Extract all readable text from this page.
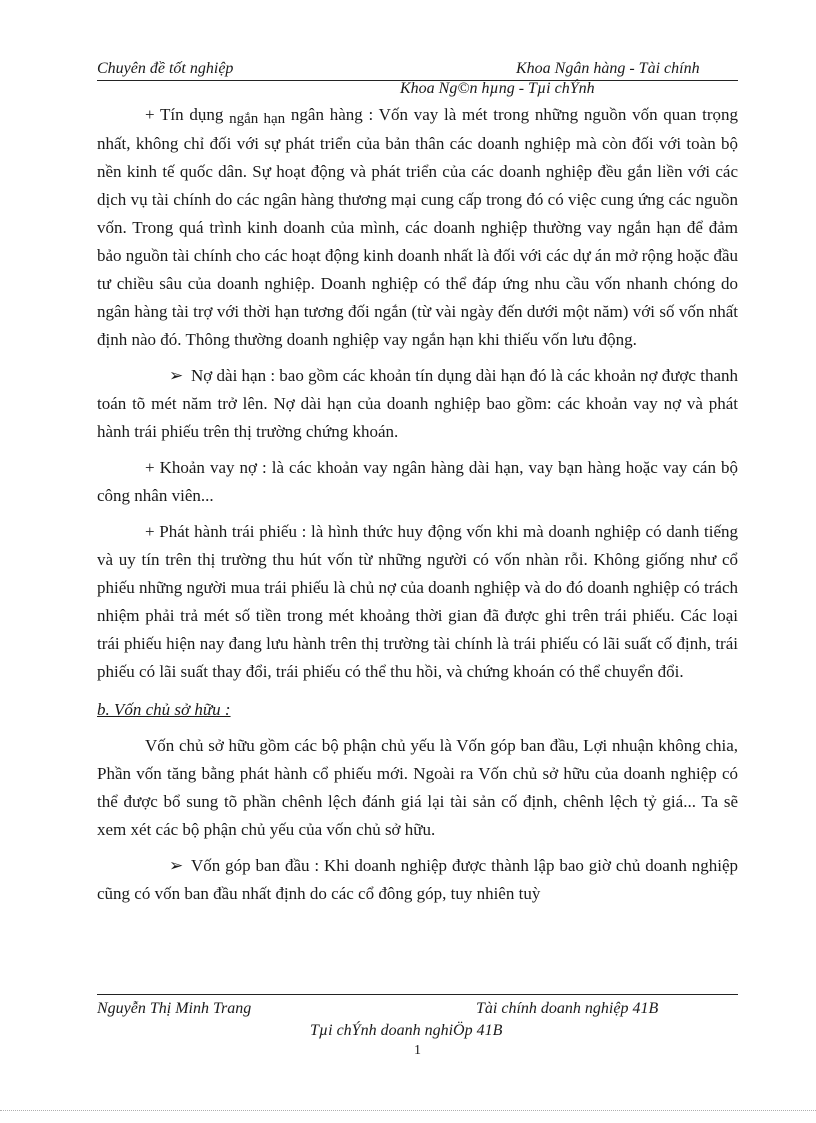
Chuyên đề tốt nghiệp	Khoa Ngân hàng - Tài chính
Khoa Ng©n hµng - Tµi chÝnh

+ Tín dụng ngắn hạn ngân hàng : Vốn vay là mét trong những nguồn vốn quan trọng nhất, không chỉ đối với sự phát triển của bản thân các doanh nghiệp mà còn đối với toàn bộ nền kinh tế quốc dân. Sự hoạt động và phát triển của các doanh nghiệp đều gắn liền với các dịch vụ tài chính do các ngân hàng thương mại cung cấp trong đó có việc cung ứng các nguồn vốn. Trong quá trình kinh doanh của mình, các doanh nghiệp thường vay ngắn hạn để đảm bảo nguồn tài chính cho các hoạt động kinh doanh nhất là đối với các dự án mở rộng hoặc đầu tư chiều sâu của doanh nghiệp. Doanh nghiệp có thể đáp ứng nhu cầu vốn nhanh chóng do ngân hàng tài trợ với thời hạn tương đối ngắn (từ vài ngày đến dưới một năm) với số vốn nhất định nào đó. Thông thường doanh nghiệp vay ngắn hạn khi thiếu vốn lưu động.

➢ Nợ dài hạn : bao gồm các khoản tín dụng dài hạn đó là các khoản nợ được thanh toán tõ mét năm trở lên. Nợ dài hạn của doanh nghiệp bao gồm: các khoản vay nợ và phát hành trái phiếu trên thị trường chứng khoán.

+ Khoản vay nợ : là các khoản vay ngân hàng dài hạn, vay bạn hàng hoặc vay cán bộ công nhân viên...

+ Phát hành trái phiếu : là hình thức huy động vốn khi mà doanh nghiệp có danh tiếng và uy tín trên thị trường thu hút vốn từ những người có vốn nhàn rỗi. Không giống như cổ phiếu những người mua trái phiếu là chủ nợ của doanh nghiệp và do đó doanh nghiệp có trách nhiệm phải trả mét số tiền trong mét khoảng thời gian đã được ghi trên trái phiếu. Các loại trái phiếu hiện nay đang lưu hành trên thị trường tài chính là trái phiếu có lãi suất cố định, trái phiếu có lãi suất thay đổi, trái phiếu có thể thu hồi, và chứng khoán có thể chuyển đổi.

b. Vốn chủ sở hữu :

Vốn chủ sở hữu gồm các bộ phận chủ yếu là Vốn góp ban đầu, Lợi nhuận không chia, Phần vốn tăng bằng phát hành cổ phiếu mới. Ngoài ra Vốn chủ sở hữu của doanh nghiệp có thể được bổ sung tõ phần chênh lệch đánh giá lại tài sản cố định, chênh lệch tỷ giá... Ta sẽ xem xét các bộ phận chủ yếu của vốn chủ sở hữu.

➢ Vốn góp ban đầu : Khi doanh nghiệp được thành lập bao giờ chủ doanh nghiệp cũng có vốn ban đầu nhất định do các cổ đông góp, tuy nhiên tuỳ

Nguyễn Thị Minh Trang	Tài chính doanh nghiệp 41B
Tµi chÝnh doanh nghiÖp 41B
1
